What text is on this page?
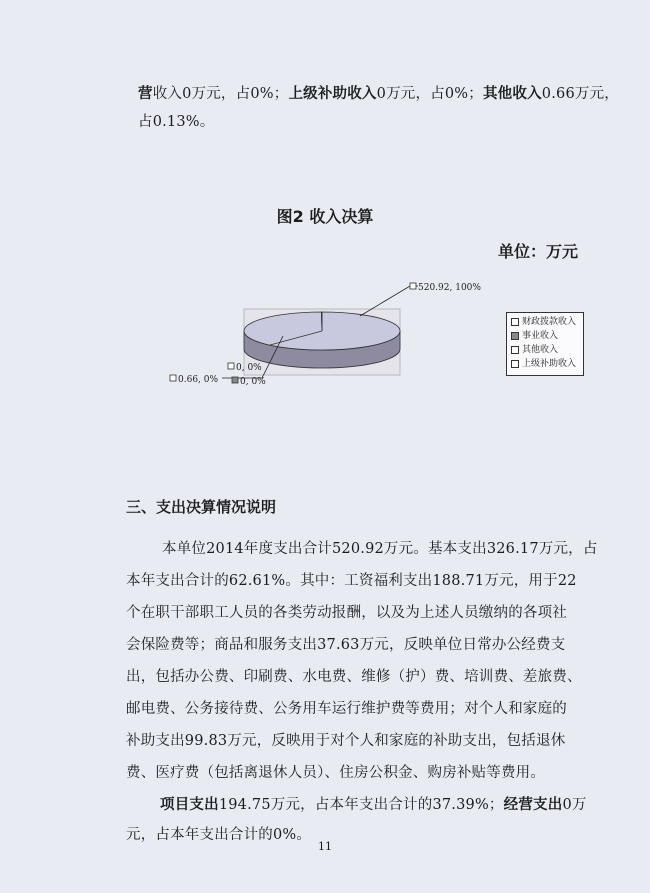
营收入0万元，占0%；上级补助收入0万元，占0%；其他收入0.66万元，
占0.13%。
图2 收入决算
单位：万元
520.92, 100%
0, 0%
0.66, 0% 0, 0%
财政拨款收入
事业收入
其他收入
上级补助收入
三、支出决算情况说明
本单位2014年度支出合计520.92万元。基本支出326.17万元，占
本年支出合计的62.61%。其中：工资福利支出188.71万元，用于22
个在职干部职工人员的各类劳动报酬，以及为上述人员缴纳的各项社
会保险费等；商品和服务支出37.63万元，反映单位日常办公经费支
出，包括办公费、印刷费、水电费、维修（护）费、培训费、差旅费、
邮电费、公务接待费、公务用车运行维护费等费用；对个人和家庭的
补助支出99.83万元，反映用于对个人和家庭的补助支出，包括退休
费、医疗费（包括离退休人员）、住房公积金、购房补贴等费用。
项目支出194.75万元，占本年支出合计的37.39%；经营支出0万
元，占本年支出合计的0%。
11
